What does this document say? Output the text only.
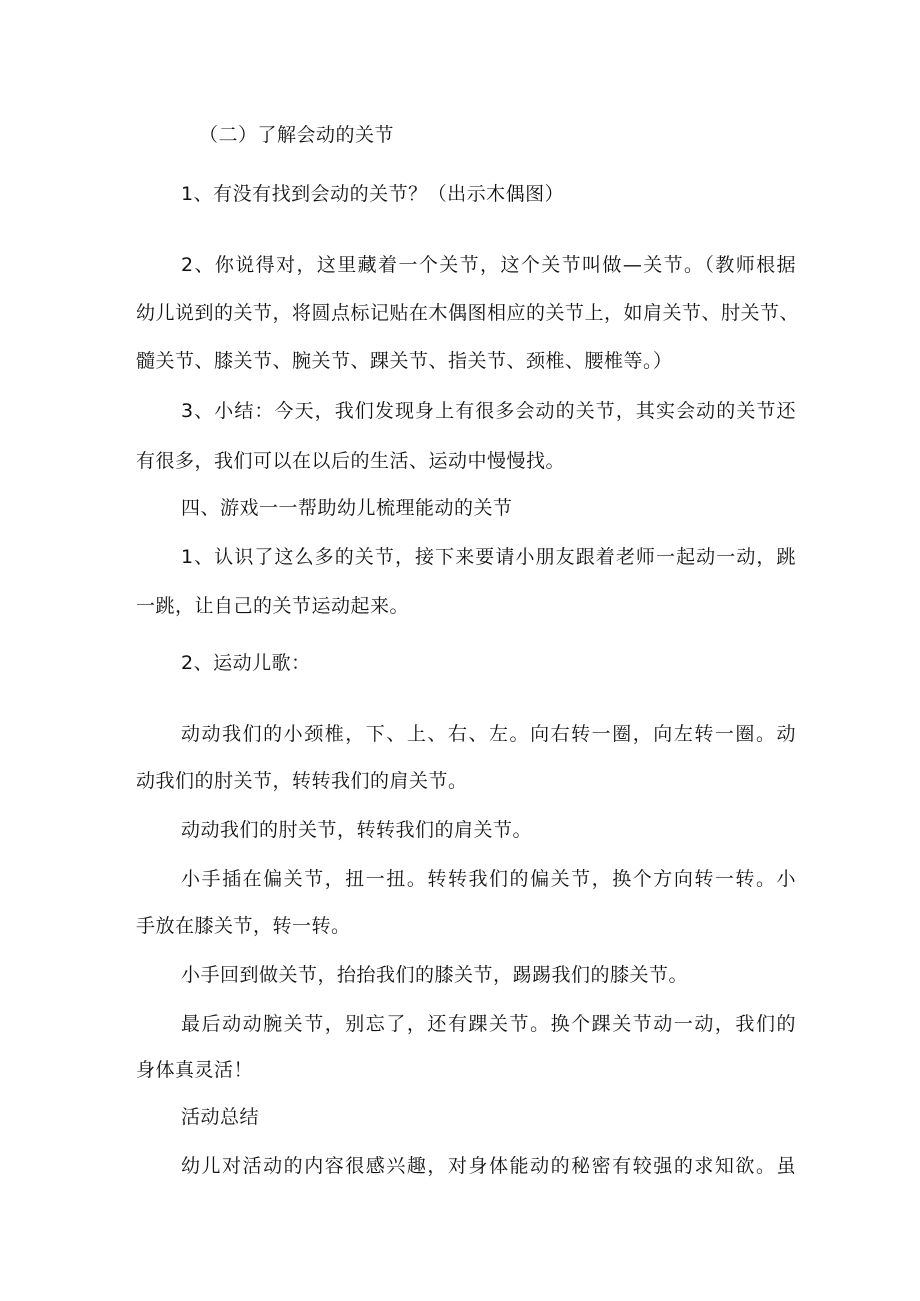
（二）了解会动的关节
1、有没有找到会动的关节？（出示木偶图）
2、你说得对，这里藏着一个关节，这个关节叫做—关节。（教师根据
幼儿说到的关节，将圆点标记贴在木偶图相应的关节上，如肩关节、肘关节、
髓关节、膝关节、腕关节、踝关节、指关节、颈椎、腰椎等。）
3、小结：今天，我们发现身上有很多会动的关节，其实会动的关节还
有很多，我们可以在以后的生活、运动中慢慢找。
四、游戏一一帮助幼儿梳理能动的关节
1、认识了这么多的关节，接下来要请小朋友跟着老师一起动一动，跳
一跳，让自己的关节运动起来。
2、运动儿歌：
动动我们的小颈椎，下、上、右、左。向右转一圈，向左转一圈。动
动我们的肘关节，转转我们的肩关节。
动动我们的肘关节，转转我们的肩关节。
小手插在偏关节，扭一扭。转转我们的偏关节，换个方向转一转。小
手放在膝关节，转一转。
小手回到做关节，抬抬我们的膝关节，踢踢我们的膝关节。
最后动动腕关节，别忘了，还有踝关节。换个踝关节动一动，我们的
身体真灵活！
活动总结
幼儿对活动的内容很感兴趣，对身体能动的秘密有较强的求知欲。虽
